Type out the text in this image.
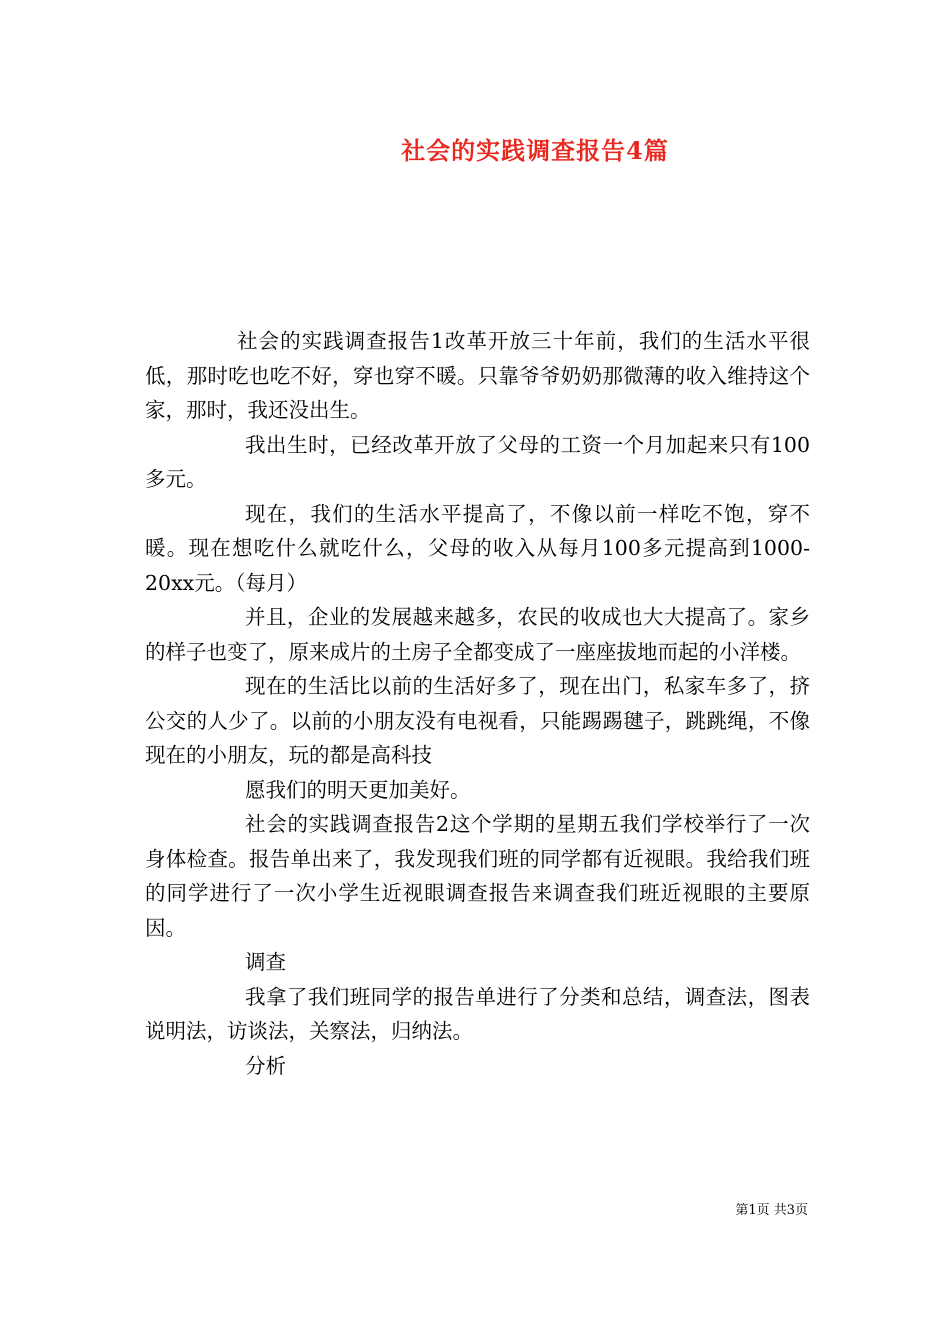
社会的实践调查报告4篇

社会的实践调查报告1改革开放三十年前，我们的生活水平很低，那时吃也吃不好，穿也穿不暖。只靠爷爷奶奶那微薄的收入维持这个家，那时，我还没出生。

我出生时，已经改革开放了父母的工资一个月加起来只有100多元。

现在，我们的生活水平提高了，不像以前一样吃不饱，穿不暖。现在想吃什么就吃什么，父母的收入从每月100多元提高到1000-20xx元。（每月）

并且，企业的发展越来越多，农民的收成也大大提高了。家乡的样子也变了，原来成片的土房子全都变成了一座座拔地而起的小洋楼。

现在的生活比以前的生活好多了，现在出门，私家车多了，挤公交的人少了。以前的小朋友没有电视看，只能踢踢毽子，跳跳绳，不像现在的小朋友，玩的都是高科技

愿我们的明天更加美好。

社会的实践调查报告2这个学期的星期五我们学校举行了一次身体检查。报告单出来了，我发现我们班的同学都有近视眼。我给我们班的同学进行了一次小学生近视眼调查报告来调查我们班近视眼的主要原因。

调查

我拿了我们班同学的报告单进行了分类和总结，调查法，图表说明法，访谈法，关察法，归纳法。

分析

第1页 共3页
